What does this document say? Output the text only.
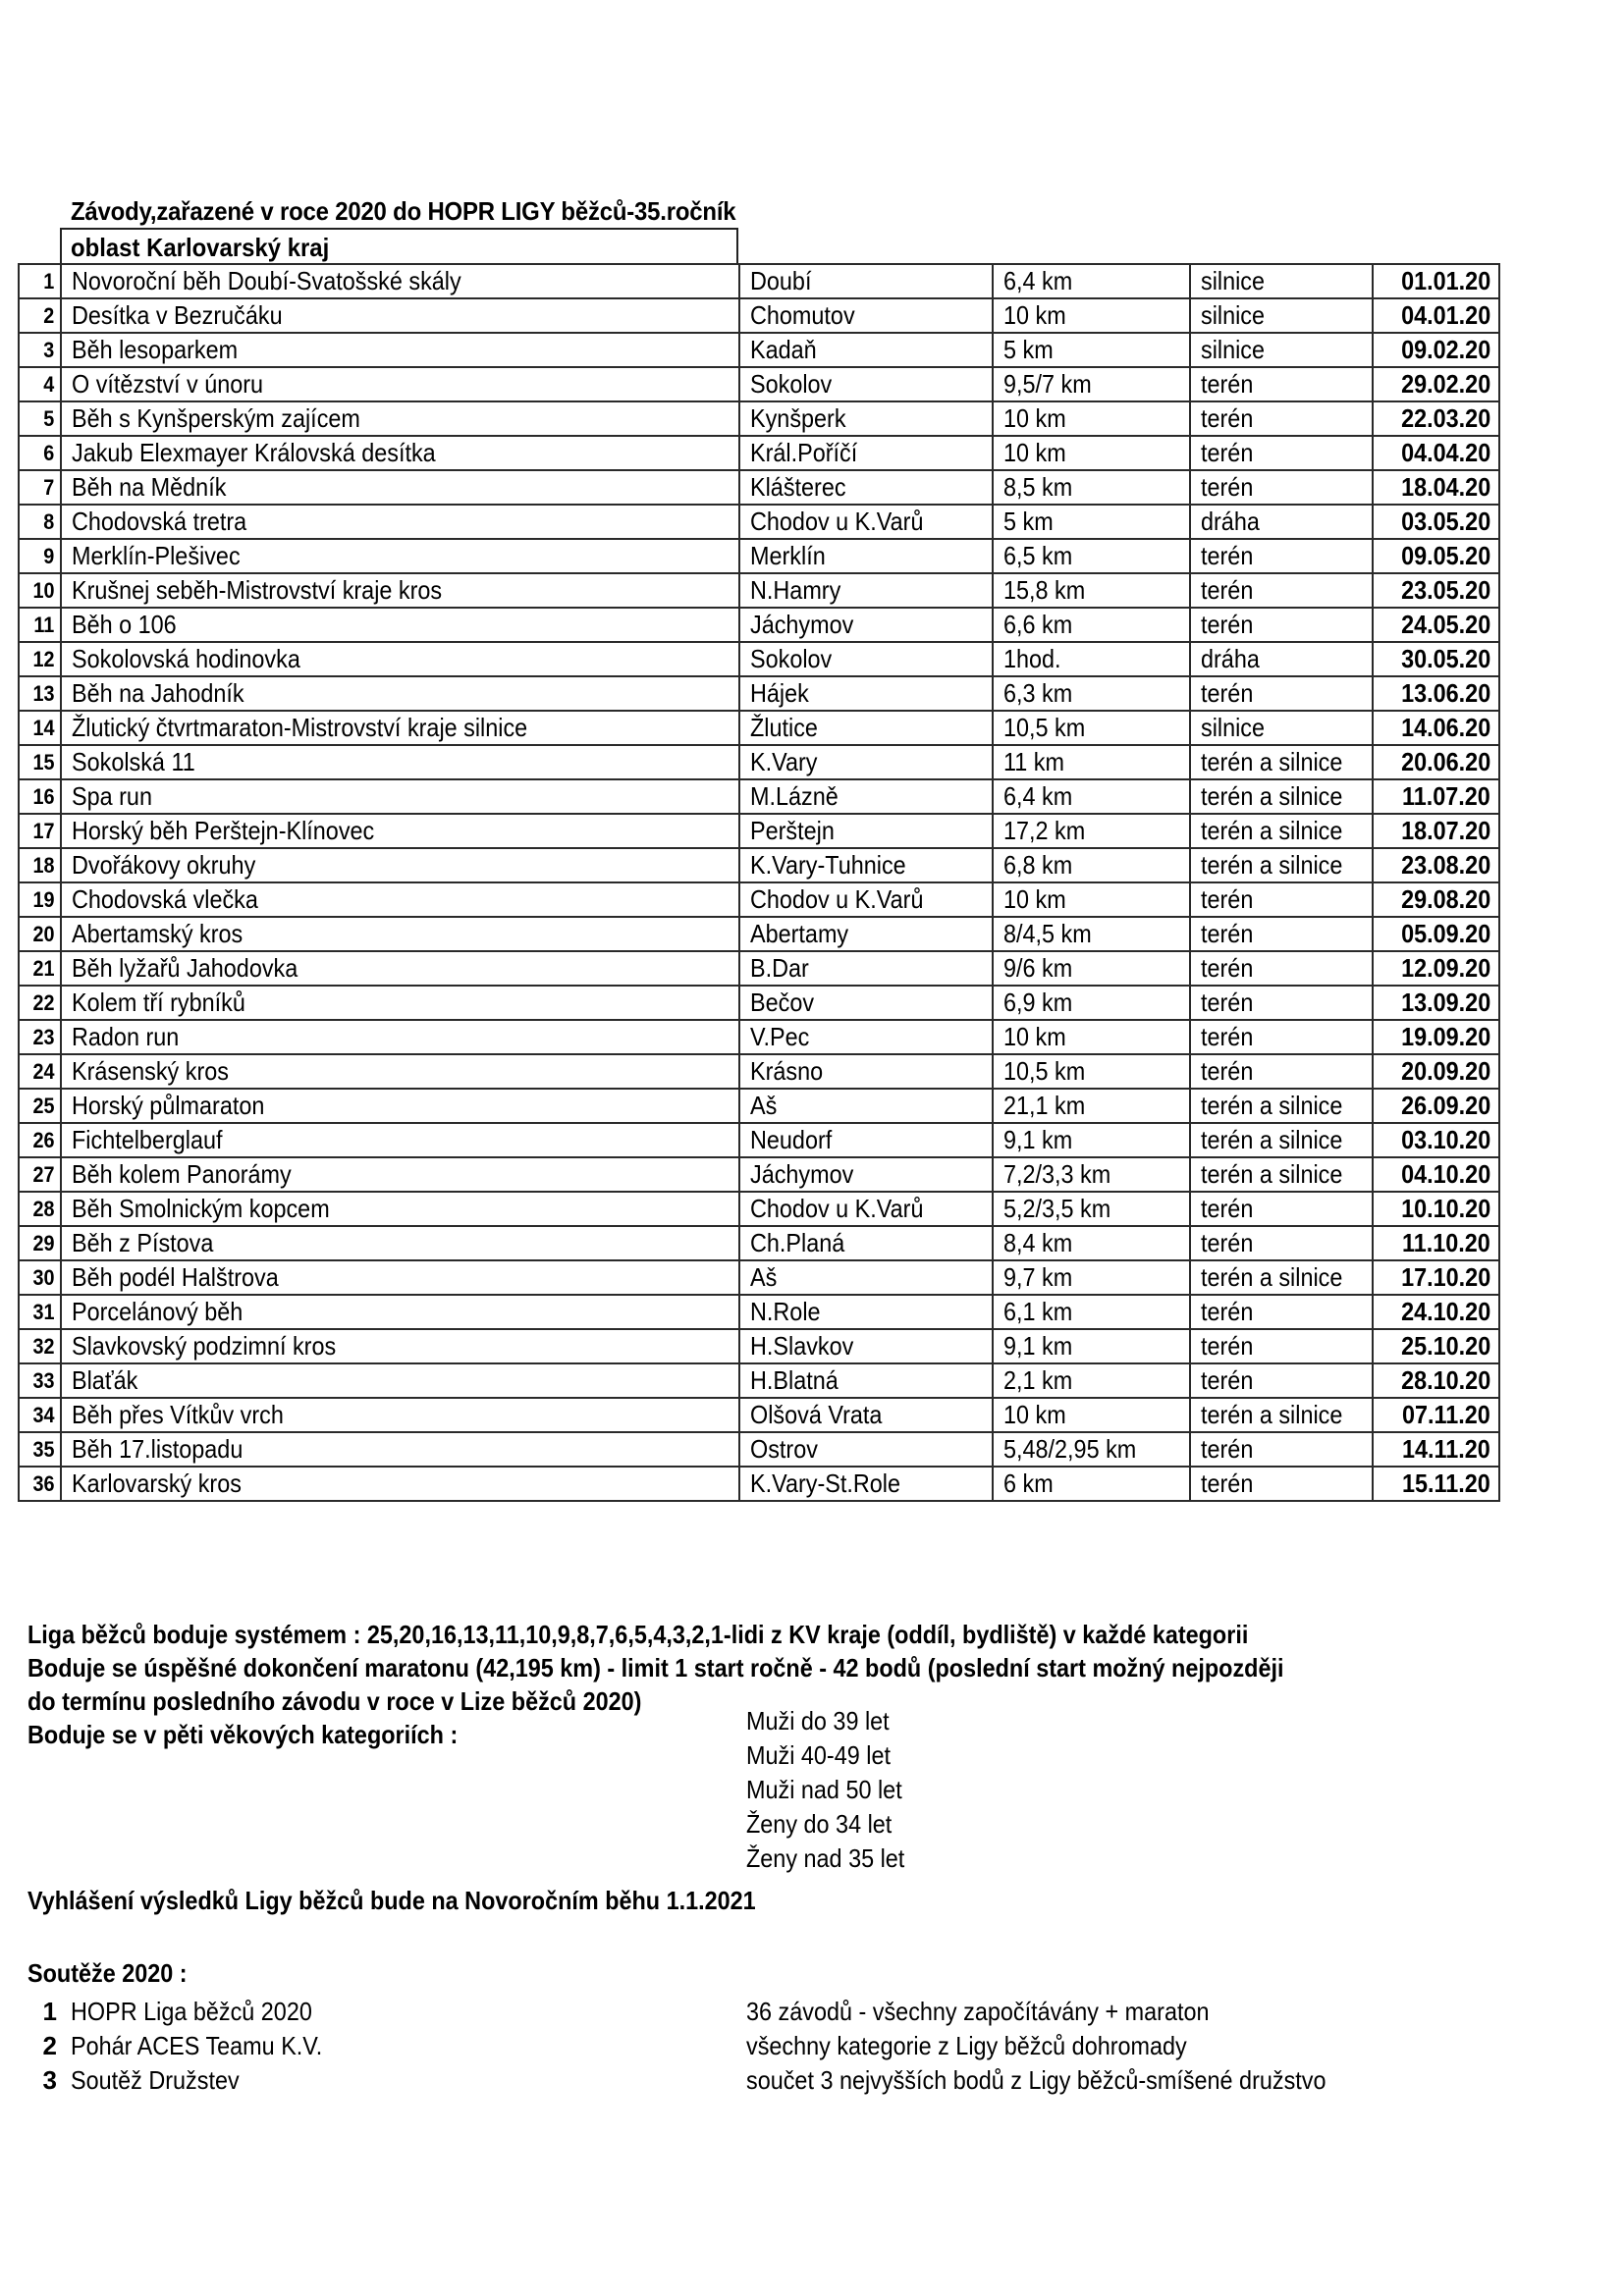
Závody,zařazené v roce 2020 do HOPR LIGY běžců-35.ročník
oblast Karlovarský kraj
1	Novoroční běh Doubí-Svatošské skály	Doubí	6,4 km	silnice	01.01.20
2	Desítka v Bezručáku	Chomutov	10 km	silnice	04.01.20
3	Běh lesoparkem	Kadaň	5 km	silnice	09.02.20
4	O vítězství v únoru	Sokolov	9,5/7 km	terén	29.02.20
5	Běh s Kynšperským zajícem	Kynšperk	10 km	terén	22.03.20
6	Jakub Elexmayer Královská desítka	Král.Poříčí	10 km	terén	04.04.20
7	Běh na Mědník	Klášterec	8,5 km	terén	18.04.20
8	Chodovská tretra	Chodov u K.Varů	5 km	dráha	03.05.20
9	Merklín-Plešivec	Merklín	6,5 km	terén	09.05.20
10	Krušnej seběh-Mistrovství kraje kros	N.Hamry	15,8 km	terén	23.05.20
11	Běh o 106	Jáchymov	6,6 km	terén	24.05.20
12	Sokolovská hodinovka	Sokolov	1hod.	dráha	30.05.20
13	Běh na Jahodník	Hájek	6,3 km	terén	13.06.20
14	Žlutický čtvrtmaraton-Mistrovství kraje silnice	Žlutice	10,5 km	silnice	14.06.20
15	Sokolská 11	K.Vary	11 km	terén a silnice	20.06.20
16	Spa run	M.Lázně	6,4 km	terén a silnice	11.07.20
17	Horský běh Perštejn-Klínovec	Perštejn	17,2 km	terén a silnice	18.07.20
18	Dvořákovy okruhy	K.Vary-Tuhnice	6,8 km	terén a silnice	23.08.20
19	Chodovská vlečka	Chodov u K.Varů	10 km	terén	29.08.20
20	Abertamský kros	Abertamy	8/4,5 km	terén	05.09.20
21	Běh lyžařů Jahodovka	B.Dar	9/6 km	terén	12.09.20
22	Kolem tří rybníků	Bečov	6,9 km	terén	13.09.20
23	Radon run	V.Pec	10 km	terén	19.09.20
24	Krásenský kros	Krásno	10,5 km	terén	20.09.20
25	Horský půlmaraton	Aš	21,1 km	terén a silnice	26.09.20
26	Fichtelberglauf	Neudorf	9,1 km	terén a silnice	03.10.20
27	Běh kolem Panorámy	Jáchymov	7,2/3,3 km	terén a silnice	04.10.20
28	Běh Smolnickým kopcem	Chodov u K.Varů	5,2/3,5 km	terén	10.10.20
29	Běh z Pístova	Ch.Planá	8,4 km	terén	11.10.20
30	Běh podél Halštrova	Aš	9,7 km	terén a silnice	17.10.20
31	Porcelánový běh	N.Role	6,1 km	terén	24.10.20
32	Slavkovský podzimní kros	H.Slavkov	9,1 km	terén	25.10.20
33	Blaťák	H.Blatná	2,1 km	terén	28.10.20
34	Běh přes Vítkův vrch	Olšová Vrata	10 km	terén a silnice	07.11.20
35	Běh 17.listopadu	Ostrov	5,48/2,95 km	terén	14.11.20
36	Karlovarský kros	K.Vary-St.Role	6 km	terén	15.11.20
Liga běžců boduje systémem : 25,20,16,13,11,10,9,8,7,6,5,4,3,2,1-lidi z KV kraje (oddíl, bydliště) v každé kategorii
Boduje se úspěšné dokončení maratonu (42,195 km) - limit 1 start ročně - 42 bodů (poslední start možný nejpozději
do termínu posledního závodu v roce v Lize běžců 2020)
Boduje se v pěti věkových kategoriích :	Muži do 39 let
Muži 40-49 let
Muži nad 50 let
Ženy do 34 let
Ženy nad 35 let
Vyhlášení výsledků Ligy běžců bude na Novoročním běhu 1.1.2021
Soutěže 2020 :
1 HOPR Liga běžců 2020	36 závodů - všechny započítávány + maraton
2 Pohár ACES Teamu K.V.	všechny kategorie z Ligy běžců dohromady
3 Soutěž Družstev	součet 3 nejvyšších bodů z Ligy běžců-smíšené družstvo
